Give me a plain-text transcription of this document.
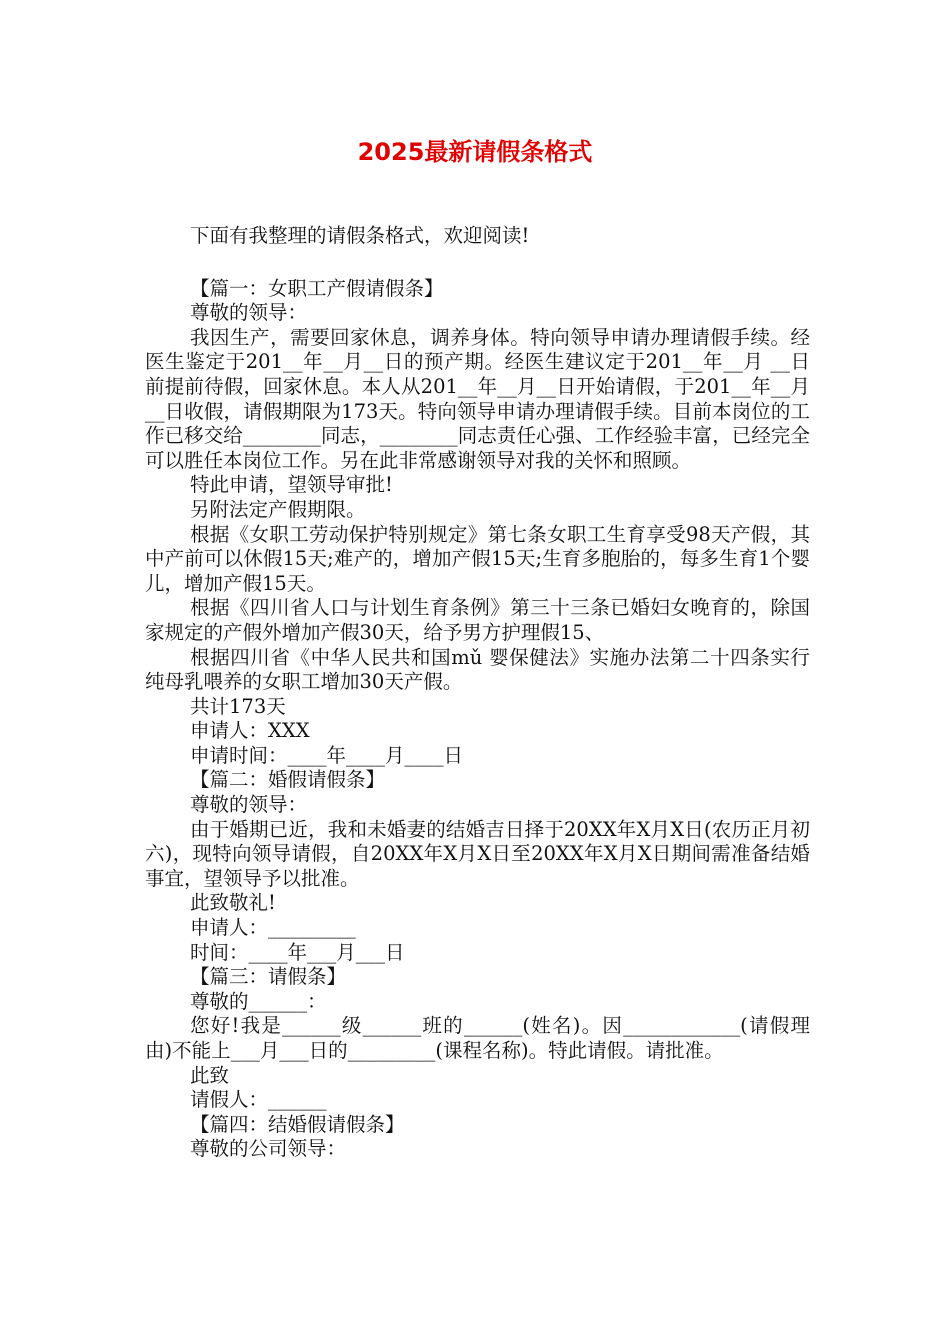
2025最新请假条格式

下面有我整理的请假条格式，欢迎阅读!

【篇一：女职工产假请假条】

尊敬的领导：

我因生产，需要回家休息，调养身体。特向领导申请办理请假手续。经医生鉴定于201__年__月__日的预产期。经医生建议定于201__年__月 __日前提前待假，回家休息。本人从201__年__月__日开始请假，于201__年__月__日收假，请假期限为173天。特向领导申请办理请假手续。目前本岗位的工作已移交给________同志，________同志责任心强、工作经验丰富，已经完全可以胜任本岗位工作。另在此非常感谢领导对我的关怀和照顾。

特此申请，望领导审批!

另附法定产假期限。

根据《女职工劳动保护特别规定》第七条女职工生育享受98天产假，其中产前可以休假15天;难产的，增加产假15天;生育多胞胎的，每多生育1个婴儿，增加产假15天。

根据《四川省人口与计划生育条例》第三十三条已婚妇女晚育的，除国家规定的产假外增加产假30天，给予男方护理假15、

根据四川省《中华人民共和国mǔ 婴保健法》实施办法第二十四条实行纯母乳喂养的女职工增加30天产假。

共计173天

申请人：XXX

申请时间：____年____月____日

【篇二：婚假请假条】

尊敬的领导：

由于婚期已近，我和未婚妻的结婚吉日择于20XX年X月X日(农历正月初六)，现特向领导请假，自20XX年X月X日至20XX年X月X日期间需准备结婚事宜，望领导予以批准。

此致敬礼!

申请人：_________

时间：____年___月___日

【篇三：请假条】

尊敬的______：

您好!我是______级______班的______(姓名)。因____________(请假理由)不能上___月___日的_________(课程名称)。特此请假。请批准。

此致

请假人：______

【篇四：结婚假请假条】

尊敬的公司领导：
